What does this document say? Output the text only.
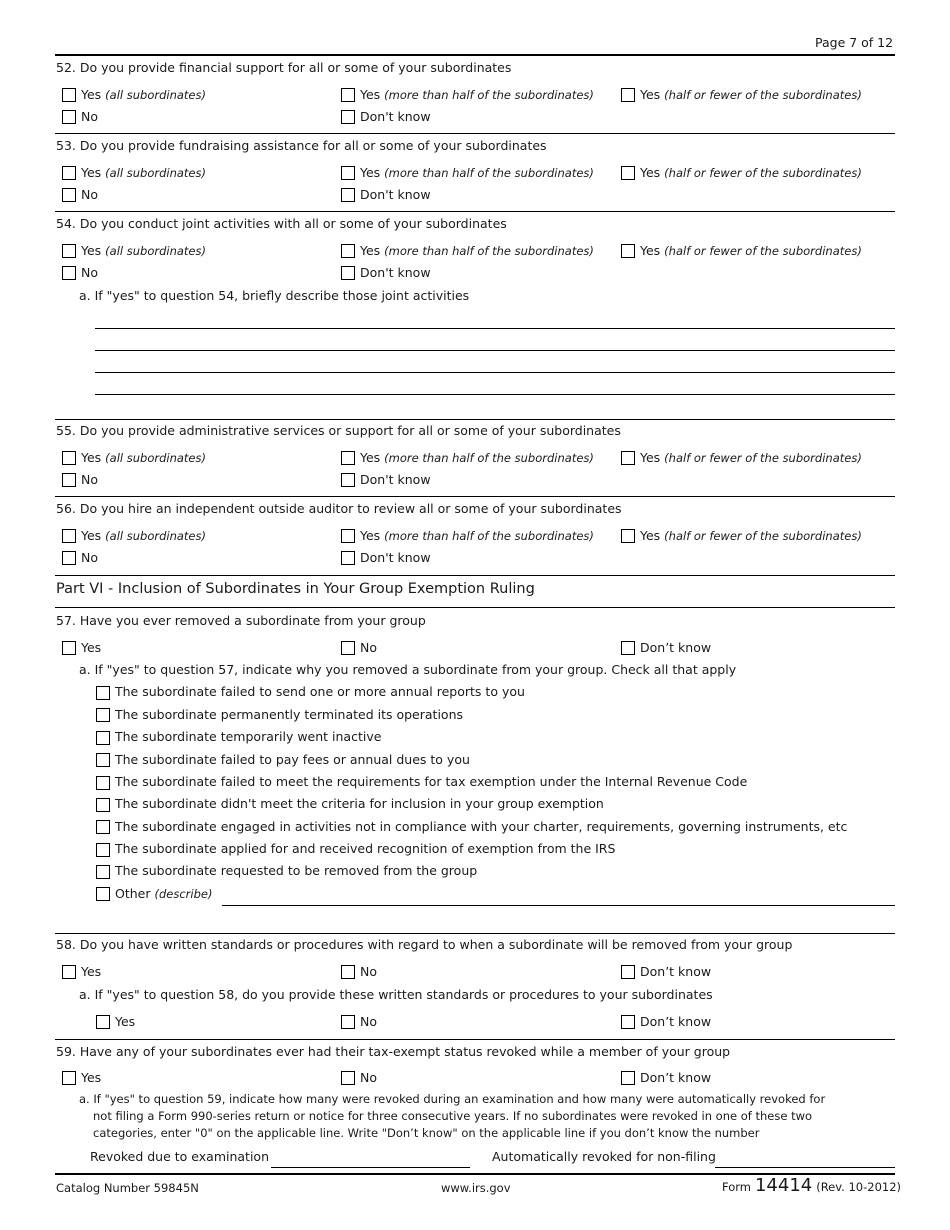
Page 7 of 12
52. Do you provide financial support for all or some of your subordinates
Yes (all subordinates)	Yes (more than half of the subordinates)	Yes (half or fewer of the subordinates)
No	Don't know
53. Do you provide fundraising assistance for all or some of your subordinates
Yes (all subordinates)	Yes (more than half of the subordinates)	Yes (half or fewer of the subordinates)
No	Don't know
54. Do you conduct joint activities with all or some of your subordinates
Yes (all subordinates)	Yes (more than half of the subordinates)	Yes (half or fewer of the subordinates)
No	Don't know
a. If "yes" to question 54, briefly describe those joint activities
55. Do you provide administrative services or support for all or some of your subordinates
Yes (all subordinates)	Yes (more than half of the subordinates)	Yes (half or fewer of the subordinates)
No	Don't know
56. Do you hire an independent outside auditor to review all or some of your subordinates
Yes (all subordinates)	Yes (more than half of the subordinates)	Yes (half or fewer of the subordinates)
No	Don't know
Part VI - Inclusion of Subordinates in Your Group Exemption Ruling
57. Have you ever removed a subordinate from your group
Yes	No	Don’t know
a. If "yes" to question 57, indicate why you removed a subordinate from your group. Check all that apply
The subordinate failed to send one or more annual reports to you
The subordinate permanently terminated its operations
The subordinate temporarily went inactive
The subordinate failed to pay fees or annual dues to you
The subordinate failed to meet the requirements for tax exemption under the Internal Revenue Code
The subordinate didn't meet the criteria for inclusion in your group exemption
The subordinate engaged in activities not in compliance with your charter, requirements, governing instruments, etc
The subordinate applied for and received recognition of exemption from the IRS
The subordinate requested to be removed from the group
Other (describe)
58. Do you have written standards or procedures with regard to when a subordinate will be removed from your group
Yes	No	Don’t know
a. If "yes" to question 58, do you provide these written standards or procedures to your subordinates
Yes	No	Don’t know
59. Have any of your subordinates ever had their tax-exempt status revoked while a member of your group
Yes	No	Don’t know
a. If "yes" to question 59, indicate how many were revoked during an examination and how many were automatically revoked for
not filing a Form 990-series return or notice for three consecutive years. If no subordinates were revoked in one of these two
categories, enter "0" on the applicable line. Write "Don’t know" on the applicable line if you don’t know the number
Revoked due to examination	Automatically revoked for non-filing
Catalog Number 59845N	www.irs.gov	Form 14414 (Rev. 10-2012)
